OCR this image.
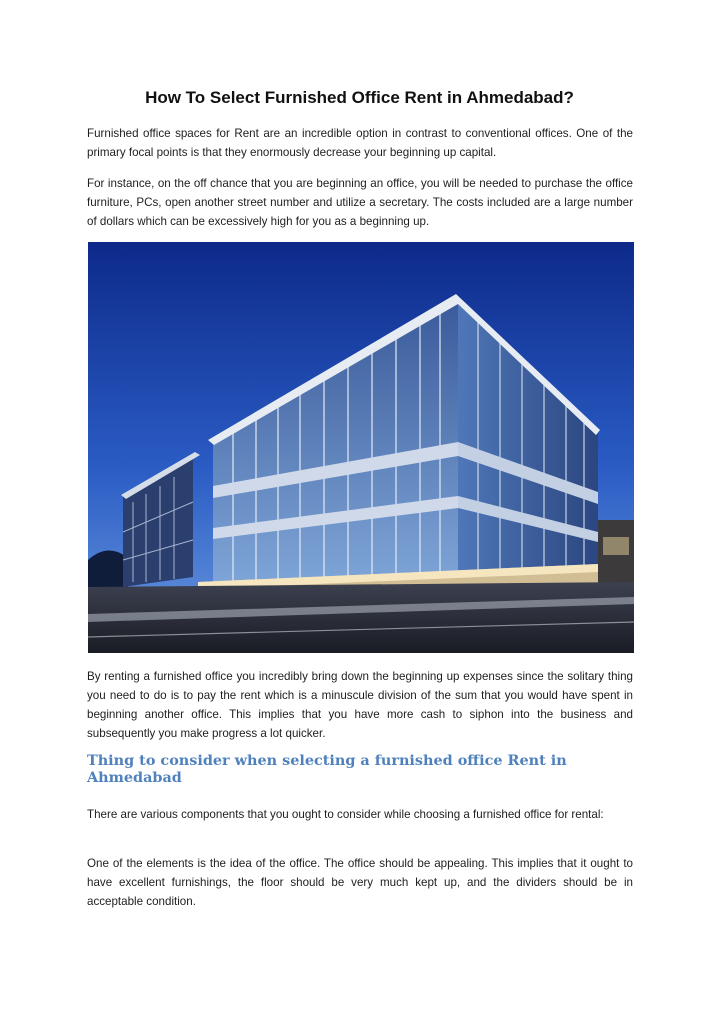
How To Select Furnished Office Rent in Ahmedabad?

Furnished office spaces for Rent are an incredible option in contrast to conventional offices. One of the primary focal points is that they enormously decrease your beginning up capital.

For instance, on the off chance that you are beginning an office, you will be needed to purchase the office furniture, PCs, open another street number and utilize a secretary. The costs included are a large number of dollars which can be excessively high for you as a beginning up.

By renting a furnished office you incredibly bring down the beginning up expenses since the solitary thing you need to do is to pay the rent which is a minuscule division of the sum that you would have spent in beginning another office. This implies that you have more cash to siphon into the business and subsequently you make progress a lot quicker.

Thing to consider when selecting a furnished office Rent in Ahmedabad

There are various components that you ought to consider while choosing a furnished office for rental:

One of the elements is the idea of the office. The office should be appealing. This implies that it ought to have excellent furnishings, the floor should be very much kept up, and the dividers should be in acceptable condition.
